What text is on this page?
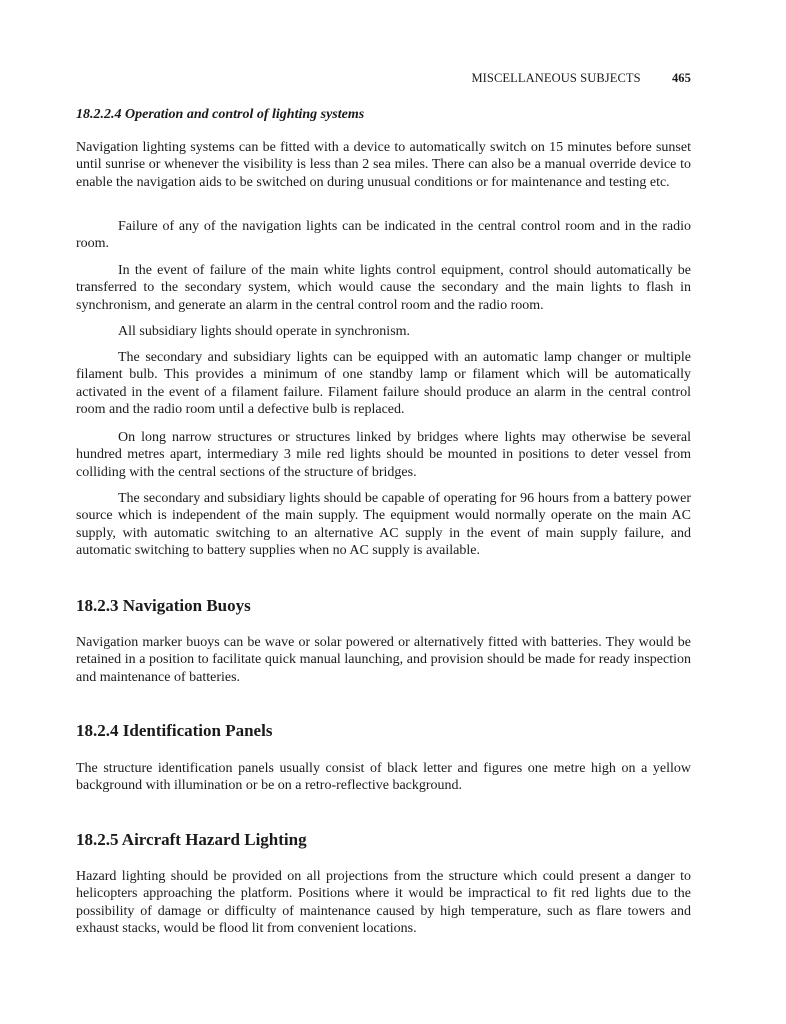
MISCELLANEOUS SUBJECTS 465
18.2.2.4 Operation and control of lighting systems

Navigation lighting systems can be fitted with a device to automatically switch on 15 minutes before sunset until sunrise or whenever the visibility is less than 2 sea miles. There can also be a manual override device to enable the navigation aids to be switched on during unusual conditions or for maintenance and testing etc.

Failure of any of the navigation lights can be indicated in the central control room and in the radio room.

In the event of failure of the main white lights control equipment, control should automatically be transferred to the secondary system, which would cause the secondary and the main lights to flash in synchronism, and generate an alarm in the central control room and the radio room.

All subsidiary lights should operate in synchronism.

The secondary and subsidiary lights can be equipped with an automatic lamp changer or multiple filament bulb. This provides a minimum of one standby lamp or filament which will be automatically activated in the event of a filament failure. Filament failure should produce an alarm in the central control room and the radio room until a defective bulb is replaced.

On long narrow structures or structures linked by bridges where lights may otherwise be several hundred metres apart, intermediary 3 mile red lights should be mounted in positions to deter vessel from colliding with the central sections of the structure of bridges.

The secondary and subsidiary lights should be capable of operating for 96 hours from a battery power source which is independent of the main supply. The equipment would normally operate on the main AC supply, with automatic switching to an alternative AC supply in the event of main supply failure, and automatic switching to battery supplies when no AC supply is available.

18.2.3 Navigation Buoys

Navigation marker buoys can be wave or solar powered or alternatively fitted with batteries. They would be retained in a position to facilitate quick manual launching, and provision should be made for ready inspection and maintenance of batteries.

18.2.4 Identification Panels

The structure identification panels usually consist of black letter and figures one metre high on a yellow background with illumination or be on a retro-reflective background.

18.2.5 Aircraft Hazard Lighting

Hazard lighting should be provided on all projections from the structure which could present a danger to helicopters approaching the platform. Positions where it would be impractical to fit red lights due to the possibility of damage or difficulty of maintenance caused by high temperature, such as flare towers and exhaust stacks, would be flood lit from convenient locations.
